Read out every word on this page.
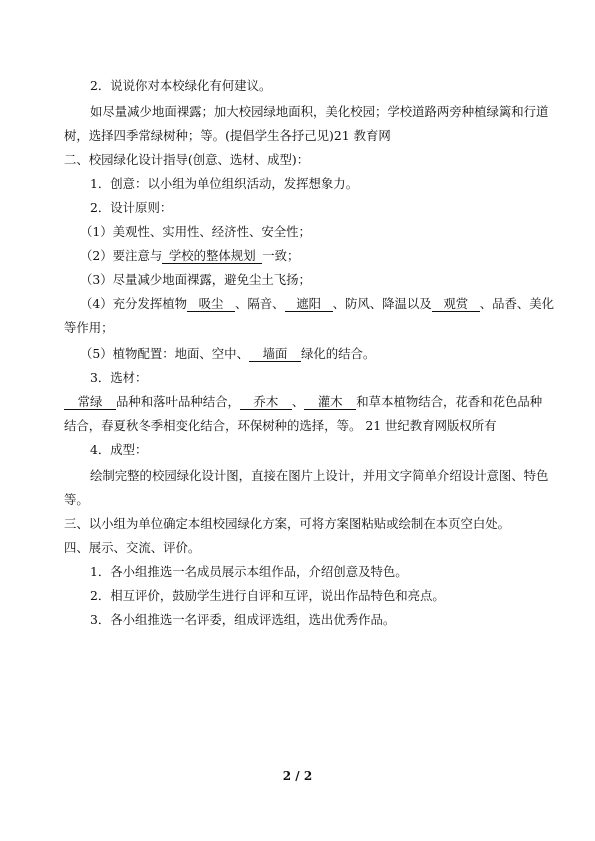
2．说说你对本校绿化有何建议。
如尽量减少地面裸露；加大校园绿地面积，美化校园；学校道路两旁种植绿篱和行道
树，选择四季常绿树种；等。(提倡学生各抒己见)21 教育网
二、校园绿化设计指导(创意、选材、成型)：
1．创意：以小组为单位组织活动，发挥想象力。
2．设计原则：
（1）美观性、实用性、经济性、安全性；
（2）要注意与 学校的整体规划 一致；
（3）尽量减少地面裸露，避免尘土飞扬；
（4）充分发挥植物 吸尘 、隔音、 遮阳 、防风、降温以及 观赏 、品香、美化
等作用；
（5）植物配置：地面、空中、 墙面 绿化的结合。
3．选材：
常绿 品种和落叶品种结合， 乔木 、 灌木 和草本植物结合，花香和花色品种
结合，春夏秋冬季相变化结合，环保树种的选择，等。 21 世纪教育网版权所有
4．成型：
绘制完整的校园绿化设计图，直接在图片上设计，并用文字简单介绍设计意图、特色
等。
三、以小组为单位确定本组校园绿化方案，可将方案图粘贴或绘制在本页空白处。
四、展示、交流、评价。
1．各小组推选一名成员展示本组作品，介绍创意及特色。
2．相互评价，鼓励学生进行自评和互评，说出作品特色和亮点。
3．各小组推选一名评委，组成评选组，选出优秀作品。
2 / 2
